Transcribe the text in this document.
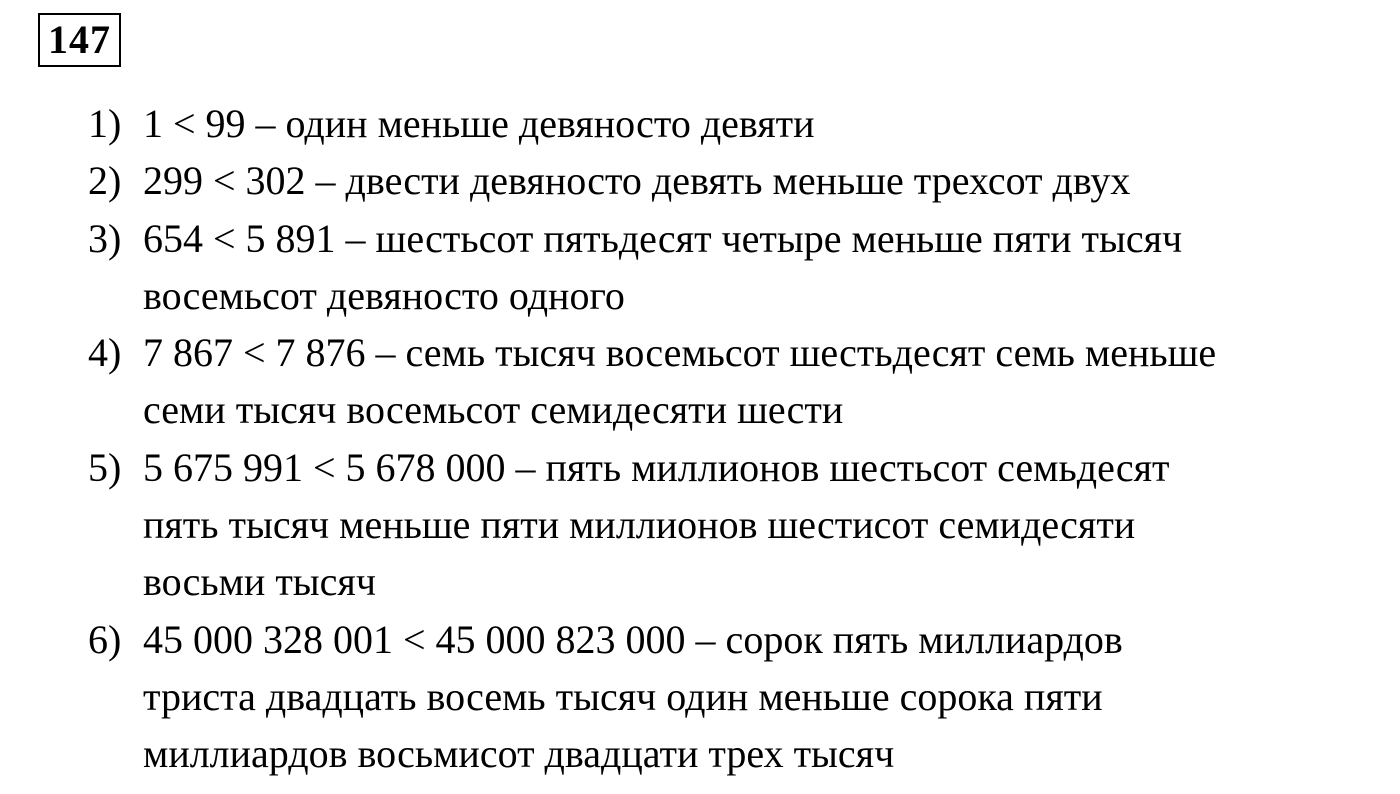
147
1) 1 < 99 – один меньше девяносто девяти
2) 299 < 302 – двести девяносто девять меньше трехсот двух
3) 654 < 5 891 – шестьсот пятьдесят четыре меньше пяти тысяч
восемьсот девяносто одного
4) 7 867 < 7 876 – семь тысяч восемьсот шестьдесят семь меньше
семи тысяч восемьсот семидесяти шести
5) 5 675 991 < 5 678 000 – пять миллионов шестьсот семьдесят
пять тысяч меньше пяти миллионов шестисот семидесяти
восьми тысяч
6) 45 000 328 001 < 45 000 823 000 – сорок пять миллиардов
триста двадцать восемь тысяч один меньше сорока пяти
миллиардов восьмисот двадцати трех тысяч
